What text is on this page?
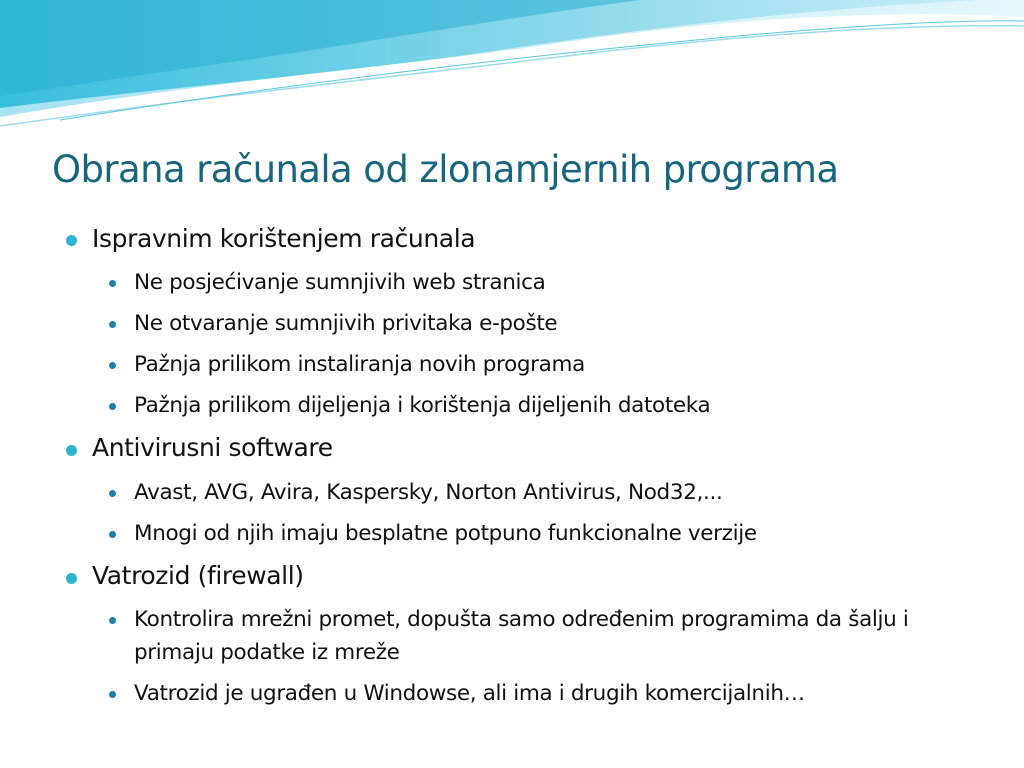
Obrana računala od zlonamjernih programa
Ispravnim korištenjem računala
Ne posjećivanje sumnjivih web stranica
Ne otvaranje sumnjivih privitaka e-pošte
Pažnja prilikom instaliranja novih programa
Pažnja prilikom dijeljenja i korištenja dijeljenih datoteka
Antivirusni software
Avast, AVG, Avira, Kaspersky, Norton Antivirus, Nod32,...
Mnogi od njih imaju besplatne potpuno funkcionalne verzije
Vatrozid (firewall)
Kontrolira mrežni promet, dopušta samo određenim programima da šalju i primaju podatke iz mreže
Vatrozid je ugrađen u Windowse, ali ima i drugih komercijalnih…
